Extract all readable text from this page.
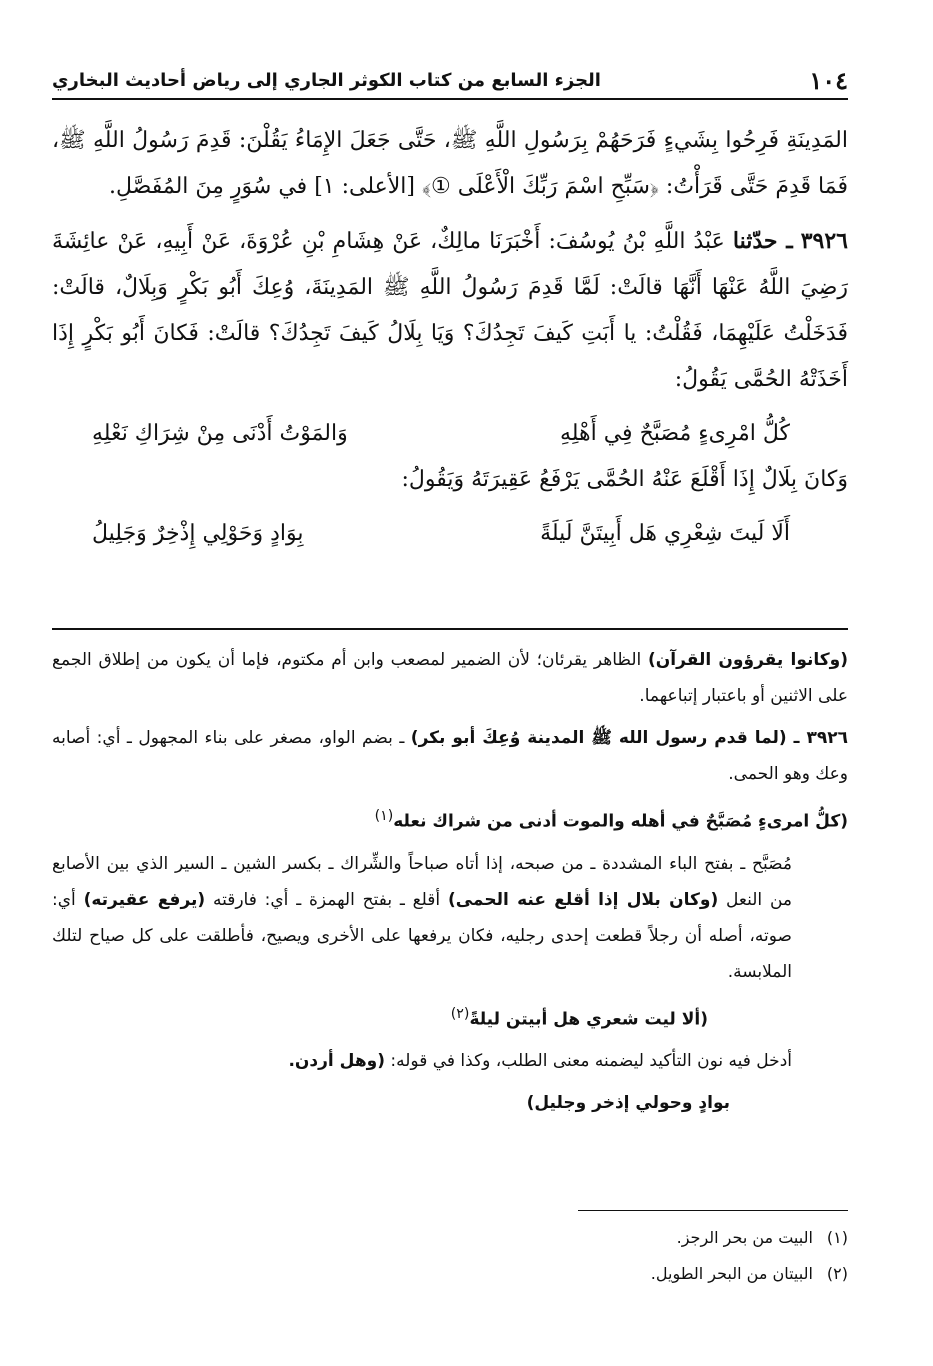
١٠٤
الجزء السابع من كتاب الكوثر الجاري إلى رياض أحاديث البخاري

المَدِينَةِ فَرِحُوا بِشَيءٍ فَرَحَهُمْ بِرَسُولِ اللَّهِ ﷺ، حَتَّى جَعَلَ الإِمَاءُ يَقُلْنَ: قَدِمَ رَسُولُ اللَّهِ ﷺ، فَمَا قَدِمَ حَتَّى قَرَأْتُ: ﴿سَبِّحِ اسْمَ رَبِّكَ الْأَعْلَى ①﴾ [الأعلى: ١] في سُوَرٍ مِنَ المُفَصَّلِ.

٣٩٢٦ ـ حدّثنا عَبْدُ اللَّهِ بْنُ يُوسُفَ: أَخْبَرَنَا مالِكٌ، عَنْ هِشَامِ بْنِ عُرْوَةَ، عَنْ أَبِيهِ، عَنْ عائِشَةَ رَضِيَ اللَّهُ عَنْهَا أَنَّهَا قالَتْ: لَمَّا قَدِمَ رَسُولُ اللَّهِ ﷺ المَدِينَةَ، وُعِكَ أَبُو بَكْرٍ وَبِلَالٌ، قالَتْ: فَدَخَلْتُ عَلَيْهِمَا، فَقُلْتُ: يا أَبَتِ كَيفَ تَجِدُكَ؟ وَيَا بِلَالُ كَيفَ تَجِدُكَ؟ قالَتْ: فَكانَ أَبُو بَكْرٍ إِذَا أَخَذَتْهُ الحُمَّى يَقُولُ:

كُلُّ امْرِىءٍ مُصَبَّحٌ فِي أَهْلِهِ
وَالمَوْتُ أَدْنَى مِنْ شِرَاكِ نَعْلِهِ

وَكانَ بِلَالٌ إِذَا أَقْلَعَ عَنْهُ الحُمَّى يَرْفَعُ عَقِيرَتَهُ وَيَقُولُ:

أَلَا لَيتَ شِعْرِي هَل أَبِيتَنَّ لَيلَةً
بِوَادٍ وَحَوْلِي إِذْخِرٌ وَجَلِيلُ

(وكانوا يقرؤون القرآن) الظاهر يقرئان؛ لأن الضمير لمصعب وابن أم مكتوم، فإما أن يكون من إطلاق الجمع على الاثنين أو باعتبار إتباعهما.

٣٩٢٦ ـ (لما قدم رسول الله ﷺ المدينة وُعِكَ أبو بكر) ـ بضم الواو، مصغر على بناء المجهول ـ أي: أصابه وعك وهو الحمى.

(كلُّ امرىءٍ مُصَبَّحٌ في أهله والموت أدنى من شراك نعله$^{(١)}$

مُصَبَّح ـ بفتح الباء المشددة ـ من صبحه، إذا أتاه صباحاً والشِّراك ـ بكسر الشين ـ السير الذي بين الأصابع من النعل (وكان بلال إذا أقلع عنه الحمى) أقلع ـ بفتح الهمزة ـ أي: فارقته (يرفع عقيرته) أي: صوته، أصله أن رجلاً قطعت إحدى رجليه، فكان يرفعها على الأخرى ويصيح، فأطلقت على كل صياح لتلك الملابسة.

(ألا ليت شعري هل أبيتن ليلةً$^{(٢)}$

أدخل فيه نون التأكيد ليضمنه معنى الطلب، وكذا في قوله: (وهل أردن.

بوادٍ وحولي إذخر وجليل)

(١) البيت من بحر الرجز.

(٢) البيتان من البحر الطويل.
